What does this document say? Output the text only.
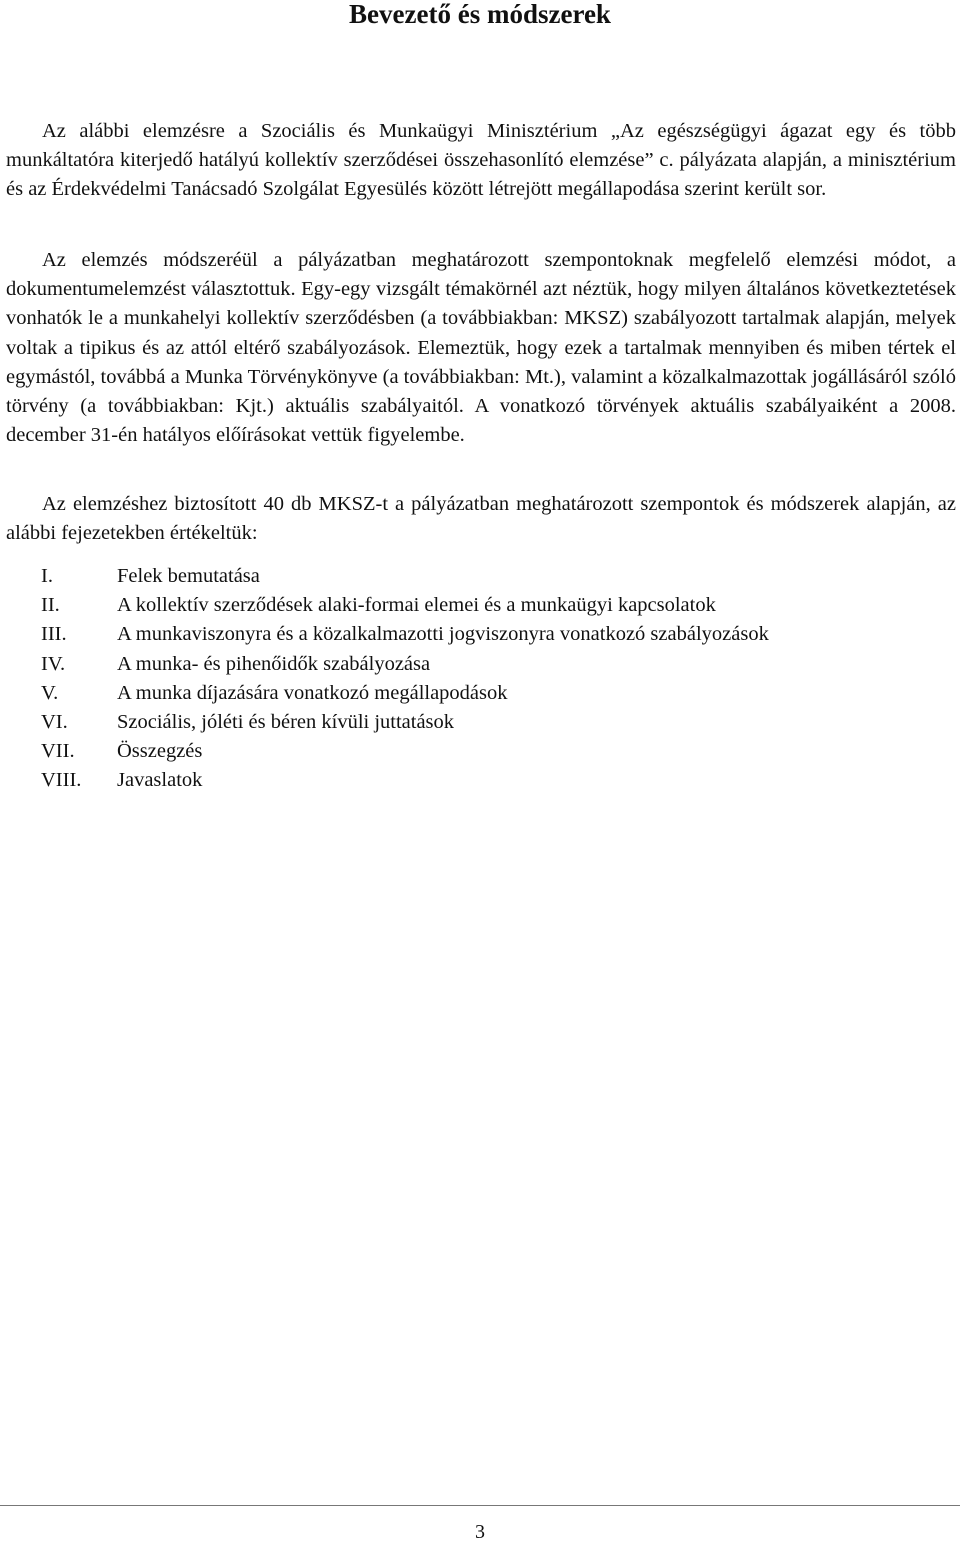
Bevezető és módszerek

Az alábbi elemzésre a Szociális és Munkaügyi Minisztérium „Az egészségügyi ágazat egy és több munkáltatóra kiterjedő hatályú kollektív szerződései összehasonlító elemzése” c. pályázata alapján, a minisztérium és az Érdekvédelmi Tanácsadó Szolgálat Egyesülés között létrejött megállapodása szerint került sor.

Az elemzés módszeréül a pályázatban meghatározott szempontoknak megfelelő elemzési módot, a dokumentumelemzést választottuk. Egy-egy vizsgált témakörnél azt néztük, hogy milyen általános következtetések vonhatók le a munkahelyi kollektív szerződésben (a továbbiakban: MKSZ) szabályozott tartalmak alapján, melyek voltak a tipikus és az attól eltérő szabályozások. Elemeztük, hogy ezek a tartalmak mennyiben és miben tértek el egymástól, továbbá a Munka Törvénykönyve (a továbbiakban: Mt.), valamint a közalkalmazottak jogállásáról szóló törvény (a továbbiakban: Kjt.) aktuális szabályaitól. A vonatkozó törvények aktuális szabályaiként a 2008. december 31-én hatályos előírásokat vettük figyelembe.

Az elemzéshez biztosított 40 db MKSZ-t a pályázatban meghatározott szempontok és módszerek alapján, az alábbi fejezetekben értékeltük:

I.	Felek bemutatása
II.	A kollektív szerződések alaki-formai elemei és a munkaügyi kapcsolatok
III.	A munkaviszonyra és a közalkalmazotti jogviszonyra vonatkozó szabályozások
IV.	A munka- és pihenőidők szabályozása
V.	A munka díjazására vonatkozó megállapodások
VI.	Szociális, jóléti és béren kívüli juttatások
VII.	Összegzés
VIII.	Javaslatok
3
